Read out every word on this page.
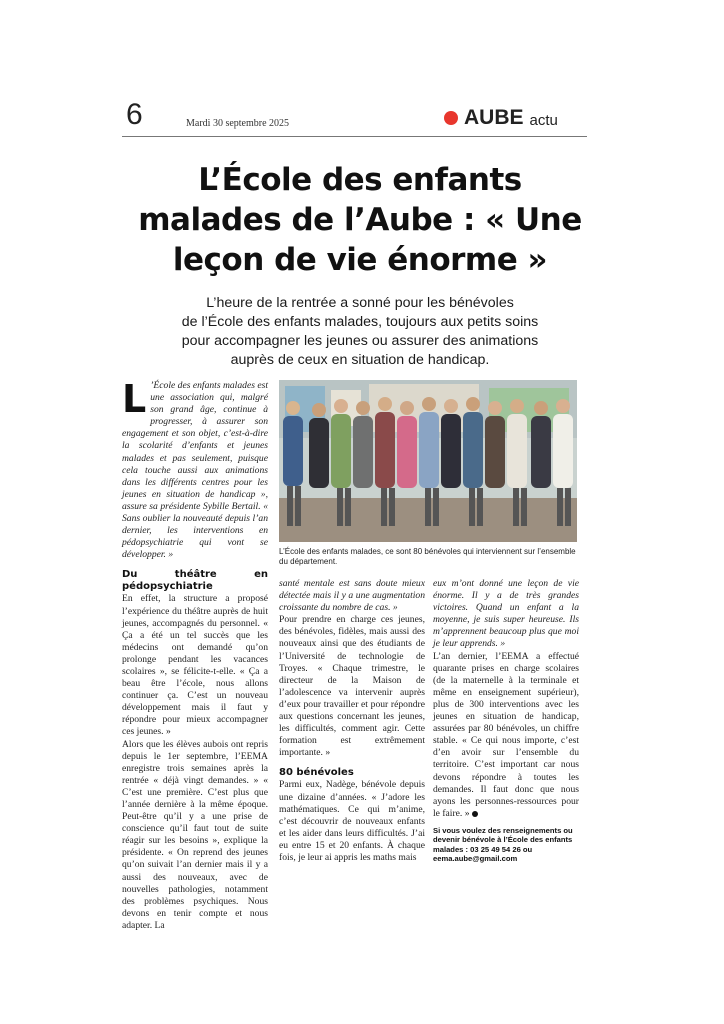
6	Mardi 30 septembre 2025	AUBE actu
L’École des enfants
malades de l’Aube : « Une
leçon de vie énorme »
L’heure de la rentrée a sonné pour les bénévoles
de l’École des enfants malades, toujours aux petits soins
pour accompagner les jeunes ou assurer des animations
auprès de ceux en situation de handicap.

L ’École des enfants malades est une association qui, malgré son grand âge, continue à progresser, à assurer son engagement et son objet, c’est-à-dire la scolarité d’enfants et jeunes malades et pas seulement, puisque cela touche aussi aux animations dans les différents centres pour les jeunes en situation de handicap », assure sa présidente Sybille Bertail. « Sans oublier la nouveauté depuis l’an dernier, les interventions en pédopsychiatrie qui vont se développer. »

Du théâtre en pédopsychiatrie

En effet, la structure a proposé l’expérience du théâtre auprès de huit jeunes, accompagnés du personnel. « Ça a été un tel succès que les médecins ont demandé qu’on prolonge pendant les vacances scolaires », se félicite-t-elle. « Ça a beau être l’école, nous allons continuer ça. C’est un nouveau développement mais il faut y répondre pour mieux accompagner ces jeunes. »

Alors que les élèves aubois ont repris depuis le 1er septembre, l’EEMA enregistre trois semaines après la rentrée « déjà vingt demandes. » « C’est une première. C’est plus que l’année dernière à la même époque. Peut-être qu’il y a une prise de conscience qu’il faut tout de suite réagir sur les besoins », explique la présidente. « On reprend des jeunes qu’on suivait l’an dernier mais il y a aussi des nouveaux, avec de nouvelles pathologies, notamment des problèmes psychiques. Nous devons en tenir compte et nous adapter. La

L’École des enfants malades, ce sont 80 bénévoles qui interviennent sur l’ensemble du département.

santé mentale est sans doute mieux détectée mais il y a une augmentation croissante du nombre de cas. »

Pour prendre en charge ces jeunes, des bénévoles, fidèles, mais aussi des nouveaux ainsi que des étudiants de l’Université de technologie de Troyes. « Chaque trimestre, le directeur de la Maison de l’adolescence va intervenir auprès d’eux pour travailler et pour répondre aux questions concernant les jeunes, les difficultés, comment agir. Cette formation est extrêmement importante. »

80 bénévoles

Parmi eux, Nadège, bénévole depuis une dizaine d’années. « J’adore les mathématiques. Ce qui m’anime, c’est découvrir de nouveaux enfants et les aider dans leurs difficultés. J’ai eu entre 15 et 20 enfants. À chaque fois, je leur ai appris les maths mais

eux m’ont donné une leçon de vie énorme. Il y a de très grandes victoires. Quand un enfant a la moyenne, je suis super heureuse. Ils m’apprennent beaucoup plus que moi je leur apprends. »

L’an dernier, l’EEMA a effectué quarante prises en charge scolaires (de la maternelle à la terminale et même en enseignement supérieur), plus de 300 interventions avec les jeunes en situation de handicap, assurées par 80 bénévoles, un chiffre stable. « Ce qui nous importe, c’est d’en avoir sur l’ensemble du territoire. C’est important car nous devons répondre à toutes les demandes. Il faut donc que nous ayons les personnes-ressources pour le faire. »

Si vous voulez des renseignements ou devenir bénévole à l’École des enfants malades : 03 25 49 54 26 ou eema.aube@gmail.com
